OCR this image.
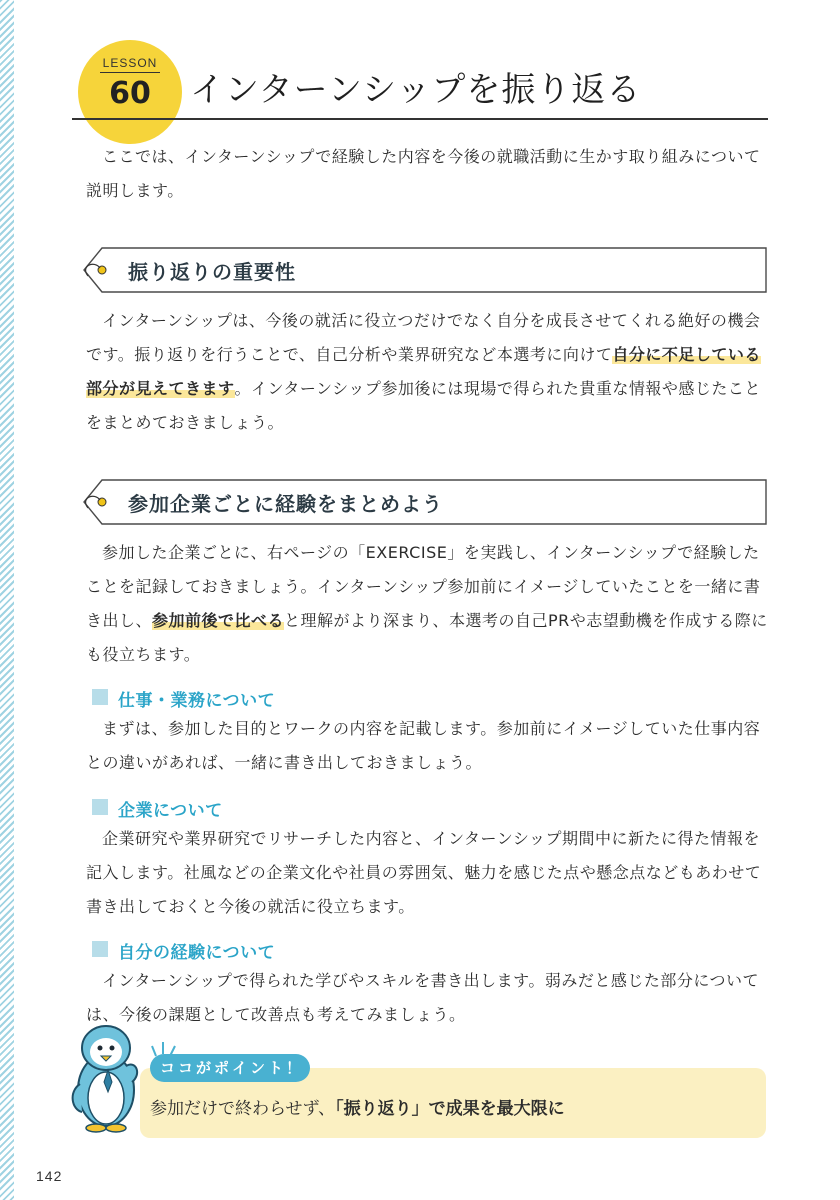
LESSON
60	インターンシップを振り返る

ここでは、インターンシップで経験した内容を今後の就職活動に生かす取り組みについて説明します。

振り返りの重要性

インターンシップは、今後の就活に役立つだけでなく自分を成長させてくれる絶好の機会です。振り返りを行うことで、自己分析や業界研究など本選考に向けて自分に不足している部分が見えてきます。インターンシップ参加後には現場で得られた貴重な情報や感じたことをまとめておきましょう。

参加企業ごとに経験をまとめよう

参加した企業ごとに、右ページの「EXERCISE」を実践し、インターンシップで経験したことを記録しておきましょう。インターンシップ参加前にイメージしていたことを一緒に書き出し、参加前後で比べると理解がより深まり、本選考の自己PRや志望動機を作成する際にも役立ちます。

仕事・業務について

まずは、参加した目的とワークの内容を記載します。参加前にイメージしていた仕事内容との違いがあれば、一緒に書き出しておきましょう。

企業について

企業研究や業界研究でリサーチした内容と、インターンシップ期間中に新たに得た情報を記入します。社風などの企業文化や社員の雰囲気、魅力を感じた点や懸念点などもあわせて書き出しておくと今後の就活に役立ちます。

自分の経験について

インターンシップで得られた学びやスキルを書き出します。弱みだと感じた部分については、今後の課題として改善点も考えてみましょう。

ココがポイント！
参加だけで終わらせず、「振り返り」で成果を最大限に
142
